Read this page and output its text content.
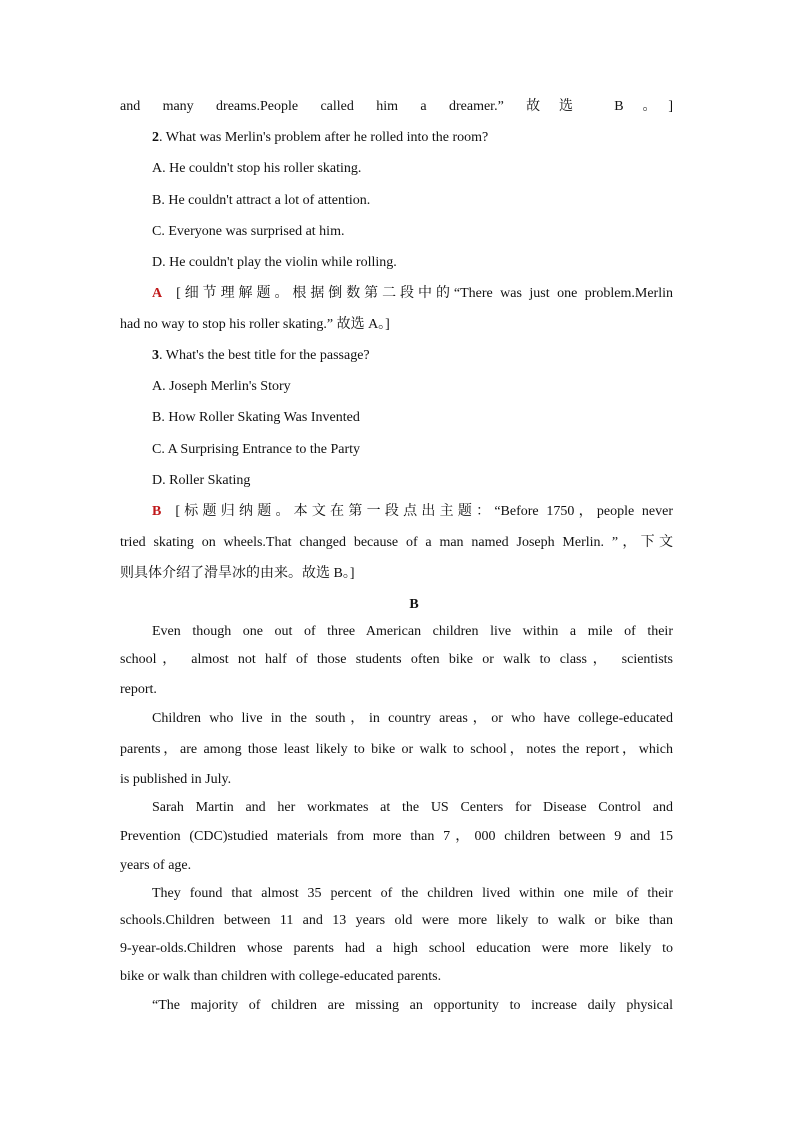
and many dreams.People called him a dreamer.” 故选 B。]
2. What was Merlin's problem after he rolled into the room?
A. He couldn't stop his roller skating.
B. He couldn't attract a lot of attention.
C. Everyone was surprised at him.
D. He couldn't play the violin while rolling.
A [细节理解题。根据倒数第二段中的“There was just one problem.Merlin
had no way to stop his roller skating.” 故选 A。]
3. What's the best title for the passage?
A. Joseph Merlin's Story
B. How Roller Skating Was Invented
C. A Surprising Entrance to the Party
D. Roller Skating
B [标题归纳题。本文在第一段点出主题：“Before 1750，people never
tried skating on wheels.That changed because of a man named Joseph Merlin. ”，下文
则具体介绍了滑旱冰的由来。故选 B。]
B
Even though one out of three American children live within a mile of their
school， almost not half of those students often bike or walk to class， scientists
report.
Children who live in the south，in country areas，or who have college‑educated
parents，are among those least likely to bike or walk to school，notes the report，which
is published in July.
Sarah Martin and her workmates at the US Centers for Disease Control and
Prevention (CDC)studied materials from more than 7，000 children between 9 and 15
years of age.
They found that almost 35 percent of the children lived within one mile of their
schools.Children between 11 and 13 years old were more likely to walk or bike than
9-year-olds.Children whose parents had a high school education were more likely to
bike or walk than children with college-educated parents.
“The majority of children are missing an opportunity to increase daily physical
